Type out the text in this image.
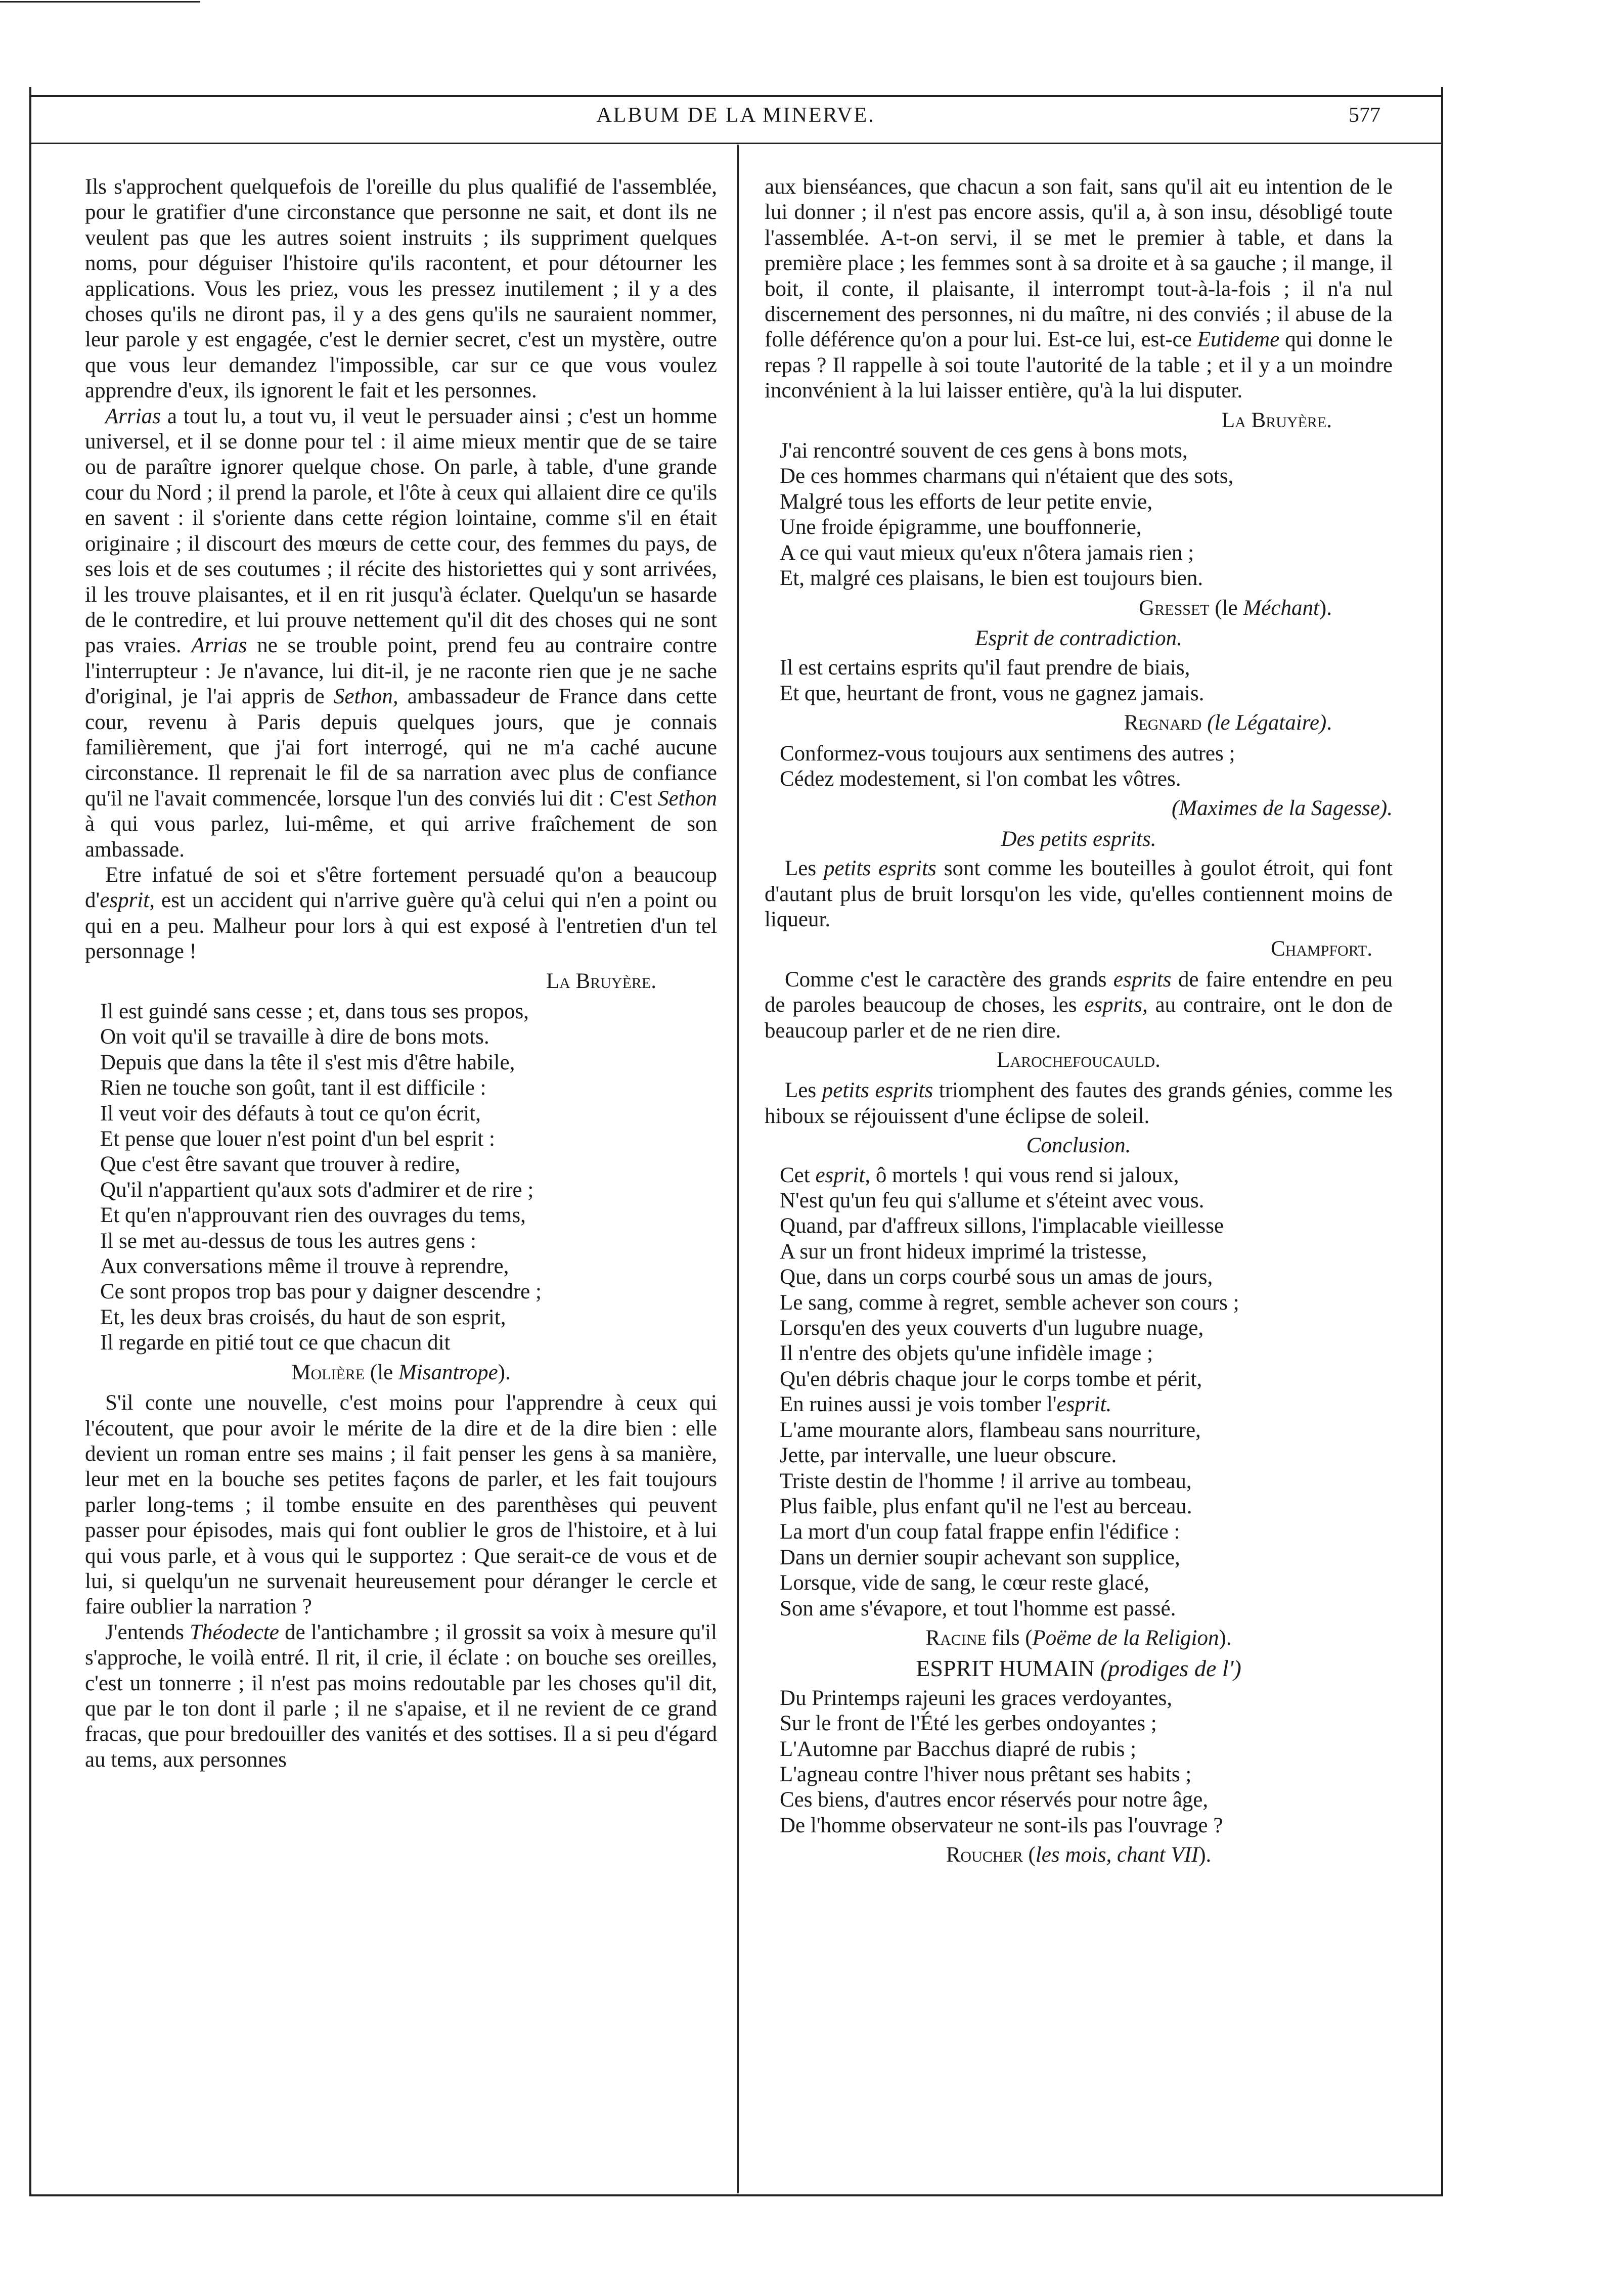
ALBUM DE LA MINERVE.	577

Ils s'approchent quelquefois de l'oreille du plus qualifié de l'assemblée, pour le gratifier d'une circonstance que personne ne sait, et dont ils ne veulent pas que les autres soient instruits ; ils suppriment quelques noms, pour déguiser l'histoire qu'ils racontent, et pour détourner les applications. Vous les priez, vous les pressez inutilement ; il y a des choses qu'ils ne diront pas, il y a des gens qu'ils ne sauraient nommer, leur parole y est engagée, c'est le dernier secret, c'est un mystère, outre que vous leur demandez l'impossible, car sur ce que vous voulez apprendre d'eux, ils ignorent le fait et les personnes.

Arrias a tout lu, a tout vu, il veut le persuader ainsi ; c'est un homme universel, et il se donne pour tel : il aime mieux mentir que de se taire ou de paraître ignorer quelque chose. On parle, à table, d'une grande cour du Nord ; il prend la parole, et l'ôte à ceux qui allaient dire ce qu'ils en savent : il s'oriente dans cette région lointaine, comme s'il en était originaire ; il discourt des mœurs de cette cour, des femmes du pays, de ses lois et de ses coutumes ; il récite des historiettes qui y sont arrivées, il les trouve plaisantes, et il en rit jusqu'à éclater. Quelqu'un se hasarde de le contredire, et lui prouve nettement qu'il dit des choses qui ne sont pas vraies. Arrias ne se trouble point, prend feu au contraire contre l'interrupteur : Je n'avance, lui dit-il, je ne raconte rien que je ne sache d'original, je l'ai appris de Sethon, ambassadeur de France dans cette cour, revenu à Paris depuis quelques jours, que je connais familièrement, que j'ai fort interrogé, qui ne m'a caché aucune circonstance. Il reprenait le fil de sa narration avec plus de confiance qu'il ne l'avait commencée, lorsque l'un des conviés lui dit : C'est Sethon à qui vous parlez, lui-même, et qui arrive fraîchement de son ambassade.

Etre infatué de soi et s'être fortement persuadé qu'on a beaucoup d'esprit, est un accident qui n'arrive guère qu'à celui qui n'en a point ou qui en a peu. Malheur pour lors à qui est exposé à l'entretien d'un tel personnage !

La Bruyère.
Il est guindé sans cesse ; et, dans tous ses propos,
On voit qu'il se travaille à dire de bons mots.
Depuis que dans la tête il s'est mis d'être habile,
Rien ne touche son goût, tant il est difficile :
Il veut voir des défauts à tout ce qu'on écrit,
Et pense que louer n'est point d'un bel esprit :
Que c'est être savant que trouver à redire,
Qu'il n'appartient qu'aux sots d'admirer et de rire ;
Et qu'en n'approuvant rien des ouvrages du tems,
Il se met au-dessus de tous les autres gens :
Aux conversations même il trouve à reprendre,
Ce sont propos trop bas pour y daigner descendre ;
Et, les deux bras croisés, du haut de son esprit,
Il regarde en pitié tout ce que chacun dit
Molière (le Misantrope).

S'il conte une nouvelle, c'est moins pour l'apprendre à ceux qui l'écoutent, que pour avoir le mérite de la dire et de la dire bien : elle devient un roman entre ses mains ; il fait penser les gens à sa manière, leur met en la bouche ses petites façons de parler, et les fait toujours parler long-tems ; il tombe ensuite en des parenthèses qui peuvent passer pour épisodes, mais qui font oublier le gros de l'histoire, et à lui qui vous parle, et à vous qui le supportez : Que serait-ce de vous et de lui, si quelqu'un ne survenait heureusement pour déranger le cercle et faire oublier la narration ?

J'entends Théodecte de l'antichambre ; il grossit sa voix à mesure qu'il s'approche, le voilà entré. Il rit, il crie, il éclate : on bouche ses oreilles, c'est un tonnerre ; il n'est pas moins redoutable par les choses qu'il dit, que par le ton dont il parle ; il ne s'apaise, et il ne revient de ce grand fracas, que pour bredouiller des vanités et des sottises. Il a si peu d'égard au tems, aux personnes

aux bienséances, que chacun a son fait, sans qu'il ait eu intention de le lui donner ; il n'est pas encore assis, qu'il a, à son insu, désobligé toute l'assemblée. A-t-on servi, il se met le premier à table, et dans la première place ; les femmes sont à sa droite et à sa gauche ; il mange, il boit, il conte, il plaisante, il interrompt tout-à-la-fois ; il n'a nul discernement des personnes, ni du maître, ni des conviés ; il abuse de la folle déférence qu'on a pour lui. Est-ce lui, est-ce Eutideme qui donne le repas ? Il rappelle à soi toute l'autorité de la table ; et il y a un moindre inconvénient à la lui laisser entière, qu'à la lui disputer.

La Bruyère.
J'ai rencontré souvent de ces gens à bons mots,
De ces hommes charmans qui n'étaient que des sots,
Malgré tous les efforts de leur petite envie,
Une froide épigramme, une bouffonnerie,
A ce qui vaut mieux qu'eux n'ôtera jamais rien ;
Et, malgré ces plaisans, le bien est toujours bien.
Gresset (le Méchant).
Esprit de contradiction.
Il est certains esprits qu'il faut prendre de biais,
Et que, heurtant de front, vous ne gagnez jamais.
Regnard (le Légataire).
Conformez-vous toujours aux sentimens des autres ;
Cédez modestement, si l'on combat les vôtres.
(Maximes de la Sagesse).
Des petits esprits.

Les petits esprits sont comme les bouteilles à goulot étroit, qui font d'autant plus de bruit lorsqu'on les vide, qu'elles contiennent moins de liqueur.

Champfort.

Comme c'est le caractère des grands esprits de faire entendre en peu de paroles beaucoup de choses, les esprits, au contraire, ont le don de beaucoup parler et de ne rien dire.

Larochefoucauld.

Les petits esprits triomphent des fautes des grands génies, comme les hiboux se réjouissent d'une éclipse de soleil.

Conclusion.
Cet esprit, ô mortels ! qui vous rend si jaloux,
N'est qu'un feu qui s'allume et s'éteint avec vous.
Quand, par d'affreux sillons, l'implacable vieillesse
A sur un front hideux imprimé la tristesse,
Que, dans un corps courbé sous un amas de jours,
Le sang, comme à regret, semble achever son cours ;
Lorsqu'en des yeux couverts d'un lugubre nuage,
Il n'entre des objets qu'une infidèle image ;
Qu'en débris chaque jour le corps tombe et périt,
En ruines aussi je vois tomber l'esprit.
L'ame mourante alors, flambeau sans nourriture,
Jette, par intervalle, une lueur obscure.
Triste destin de l'homme ! il arrive au tombeau,
Plus faible, plus enfant qu'il ne l'est au berceau.
La mort d'un coup fatal frappe enfin l'édifice :
Dans un dernier soupir achevant son supplice,
Lorsque, vide de sang, le cœur reste glacé,
Son ame s'évapore, et tout l'homme est passé.
Racine fils (Poëme de la Religion).
ESPRIT HUMAIN (prodiges de l')
Du Printemps rajeuni les graces verdoyantes,
Sur le front de l'Été les gerbes ondoyantes ;
L'Automne par Bacchus diapré de rubis ;
L'agneau contre l'hiver nous prêtant ses habits ;
Ces biens, d'autres encor réservés pour notre âge,
De l'homme observateur ne sont-ils pas l'ouvrage ?
Roucher (les mois, chant VII).
